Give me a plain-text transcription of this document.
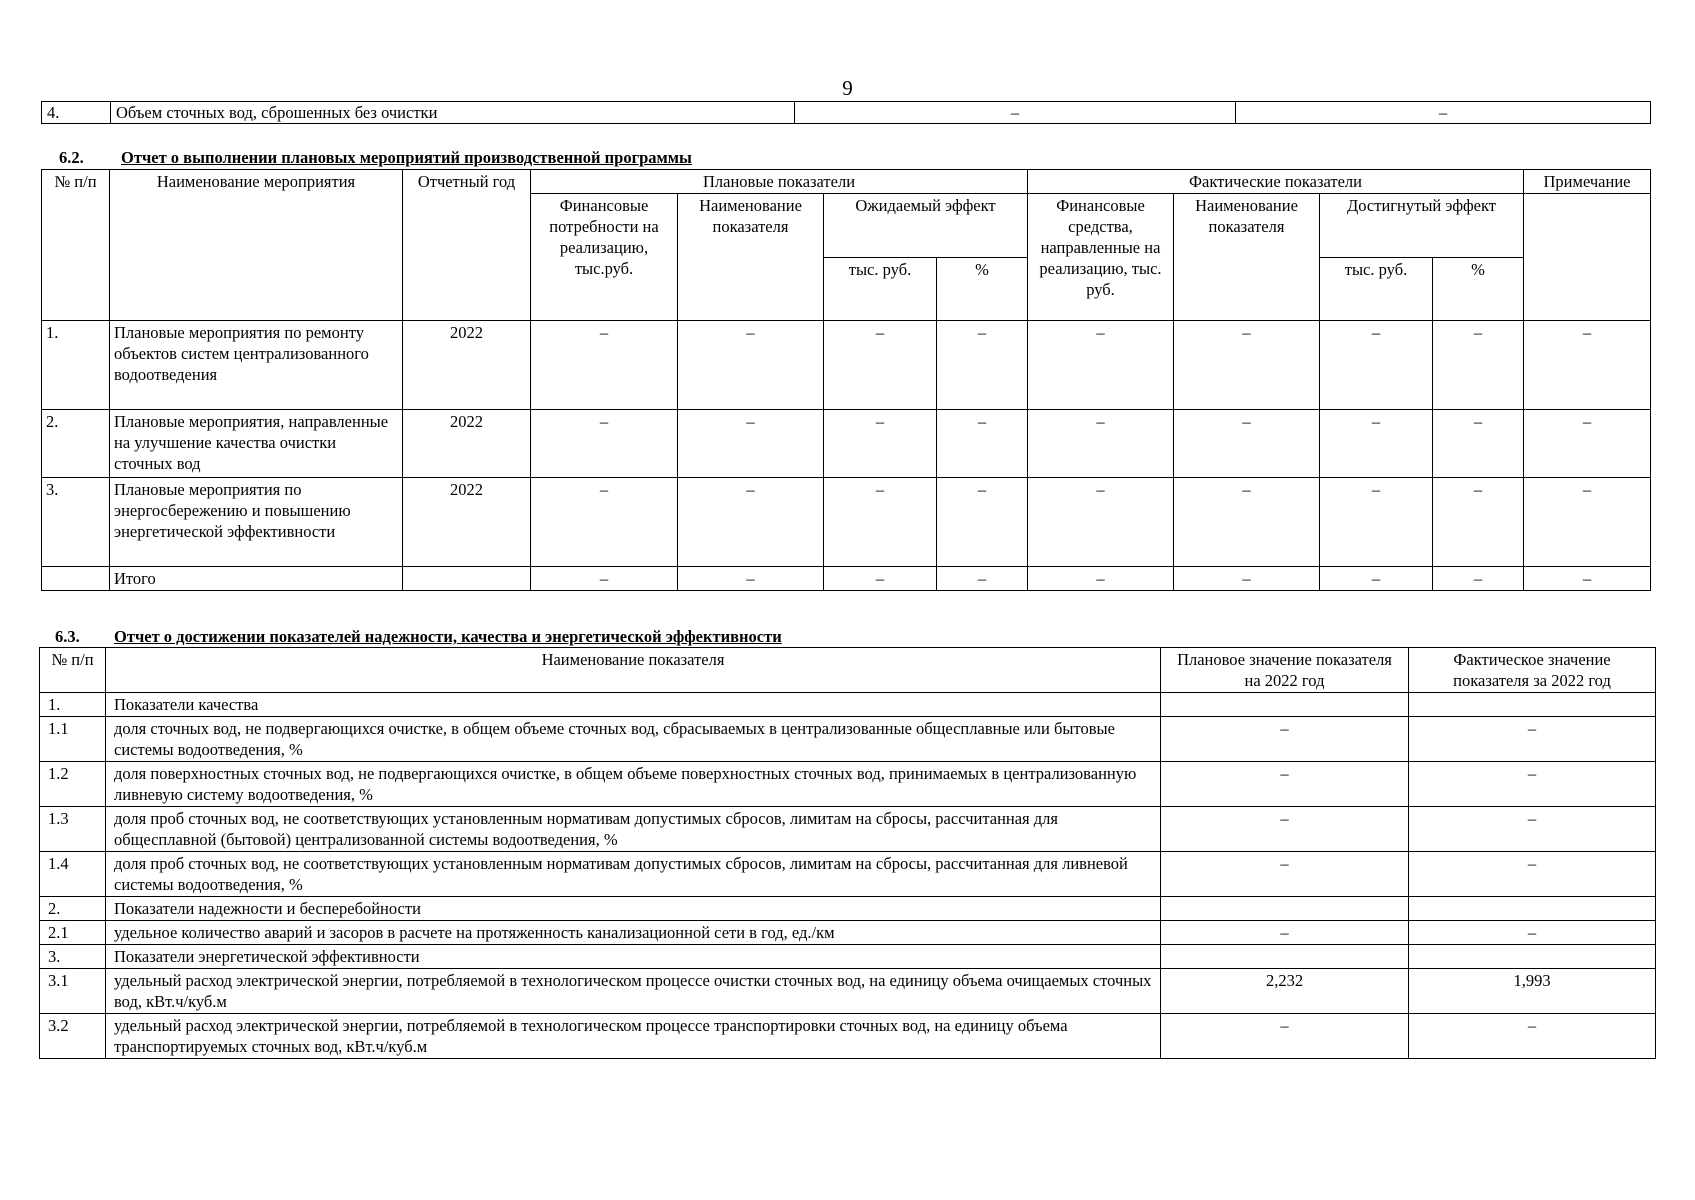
9
4.	Объем сточных вод, сброшенных без очистки	–	–
6.2. Отчет о выполнении плановых мероприятий производственной программы
№ п/п	Наименование мероприятия	Отчетный год	Плановые показатели				Фактические показатели				Примечание
			Финансовые потребности на реализацию, тыс.руб.	Наименование показателя	Ожидаемый эффект		Финансовые средства, направленные на реализацию, тыс. руб.	Наименование показателя	Достигнутый эффект		
					тыс. руб.	%			тыс. руб.	%	
1.	Плановые мероприятия по ремонту объектов систем централизованного водоотведения	2022	–	–	–	–	–	–	–	–	–
2.	Плановые мероприятия, направленные на улучшение качества очистки сточных вод	2022	–	–	–	–	–	–	–	–	–
3.	Плановые мероприятия по энергосбережению и повышению энергетической эффективности	2022	–	–	–	–	–	–	–	–	–
	Итого		–	–	–	–	–	–	–	–	–
6.3. Отчет о достижении показателей надежности, качества и энергетической эффективности
№ п/п	Наименование показателя	Плановое значение показателя на 2022 год	Фактическое значение показателя за 2022 год
1.	Показатели качества		
1.1	доля сточных вод, не подвергающихся очистке, в общем объеме сточных вод, сбрасываемых в централизованные общесплавные или бытовые системы водоотведения, %	–	–
1.2	доля поверхностных сточных вод, не подвергающихся очистке, в общем объеме поверхностных сточных вод, принимаемых в централизованную ливневую систему водоотведения, %	–	–
1.3	доля проб сточных вод, не соответствующих установленным нормативам допустимых сбросов, лимитам на сбросы, рассчитанная для общесплавной (бытовой) централизованной системы водоотведения, %	–	–
1.4	доля проб сточных вод, не соответствующих установленным нормативам допустимых сбросов, лимитам на сбросы, рассчитанная для ливневой системы водоотведения, %	–	–
2.	Показатели надежности и бесперебойности		
2.1	удельное количество аварий и засоров в расчете на протяженность канализационной сети в год, ед./км	–	–
3.	Показатели энергетической эффективности		
3.1	удельный расход электрической энергии, потребляемой в технологическом процессе очистки сточных вод, на единицу объема очищаемых сточных вод, кВт.ч/куб.м	2,232	1,993
3.2	удельный расход электрической энергии, потребляемой в технологическом процессе транспортировки сточных вод, на единицу объема транспортируемых сточных вод, кВт.ч/куб.м	–	–
